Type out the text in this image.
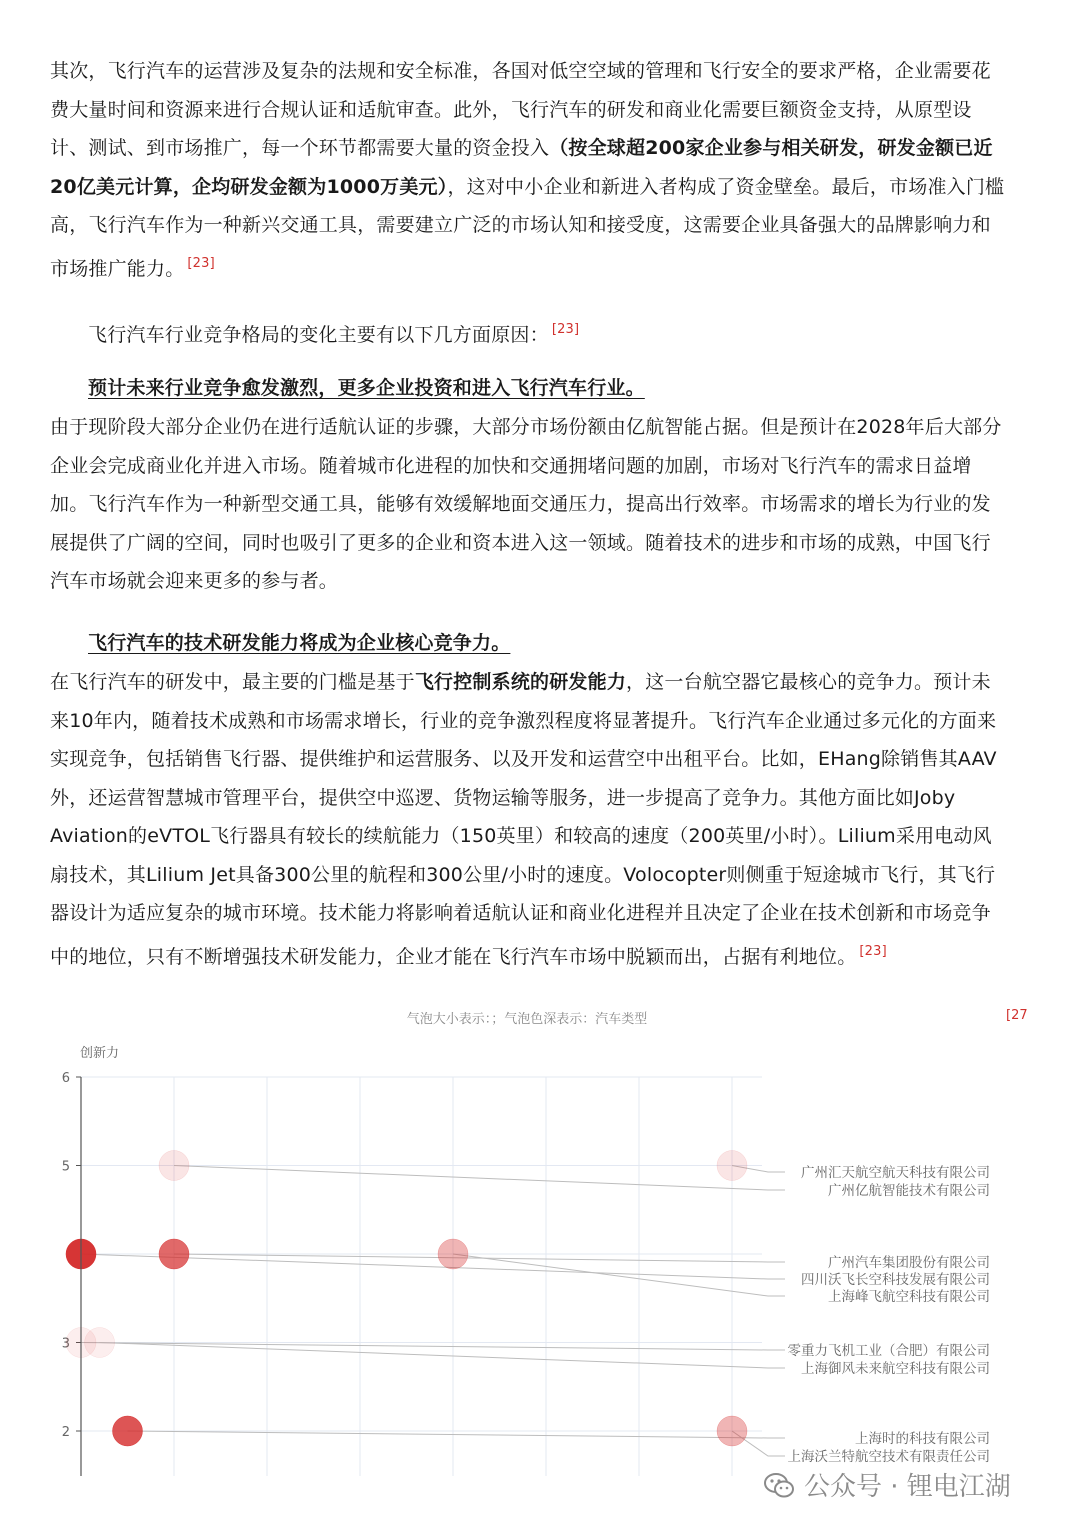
其次，飞行汽车的运营涉及复杂的法规和安全标准，各国对低空空域的管理和飞行安全的要求严格，企业需要花费大量时间和资源来进行合规认证和适航审查。此外，飞行汽车的研发和商业化需要巨额资金支持，从原型设计、测试、到市场推广，每一个环节都需要大量的资金投入（按全球超200家企业参与相关研发，研发金额已近20亿美元计算，企均研发金额为1000万美元），这对中小企业和新进入者构成了资金壁垒。最后，市场准入门槛高，飞行汽车作为一种新兴交通工具，需要建立广泛的市场认知和接受度，这需要企业具备强大的品牌影响力和市场推广能力。 [23]

飞行汽车行业竞争格局的变化主要有以下几方面原因： [23]

预计未来行业竞争愈发激烈，更多企业投资和进入飞行汽车行业。

由于现阶段大部分企业仍在进行适航认证的步骤，大部分市场份额由亿航智能占据。但是预计在2028年后大部分企业会完成商业化并进入市场。随着城市化进程的加快和交通拥堵问题的加剧，市场对飞行汽车的需求日益增加。飞行汽车作为一种新型交通工具，能够有效缓解地面交通压力，提高出行效率。市场需求的增长为行业的发展提供了广阔的空间，同时也吸引了更多的企业和资本进入这一领域。随着技术的进步和市场的成熟，中国飞行汽车市场就会迎来更多的参与者。

飞行汽车的技术研发能力将成为企业核心竞争力。

在飞行汽车的研发中，最主要的门槛是基于飞行控制系统的研发能力，这一台航空器它最核心的竞争力。预计未来10年内，随着技术成熟和市场需求增长，行业的竞争激烈程度将显著提升。飞行汽车企业通过多元化的方面来实现竞争，包括销售飞行器、提供维护和运营服务、以及开发和运营空中出租平台。比如，EHang除销售其AAV外，还运营智慧城市管理平台，提供空中巡逻、货物运输等服务，进一步提高了竞争力。其他方面比如Joby Aviation的eVTOL飞行器具有较长的续航能力（150英里）和较高的速度（200英里/小时）。Lilium采用电动风扇技术，其Lilium Jet具备300公里的航程和300公里/小时的速度。Volocopter则侧重于短途城市飞行，其飞行器设计为适应复杂的城市环境。技术能力将影响着适航认证和商业化进程并且决定了企业在技术创新和市场竞争中的地位，只有不断增强技术研发能力，企业才能在飞行汽车市场中脱颖而出，占据有利地位。 [23]

气泡大小表示：；气泡色深表示：汽车类型	[27
创新力
6
5
3
2
广州汇天航空航天科技有限公司
广州亿航智能技术有限公司
广州汽车集团股份有限公司
四川沃飞长空科技发展有限公司
上海峰飞航空科技有限公司
零重力飞机工业（合肥）有限公司
上海御风未来航空科技有限公司
上海时的科技有限公司
上海沃兰特航空技术有限责任公司
公众号 · 锂电江湖
